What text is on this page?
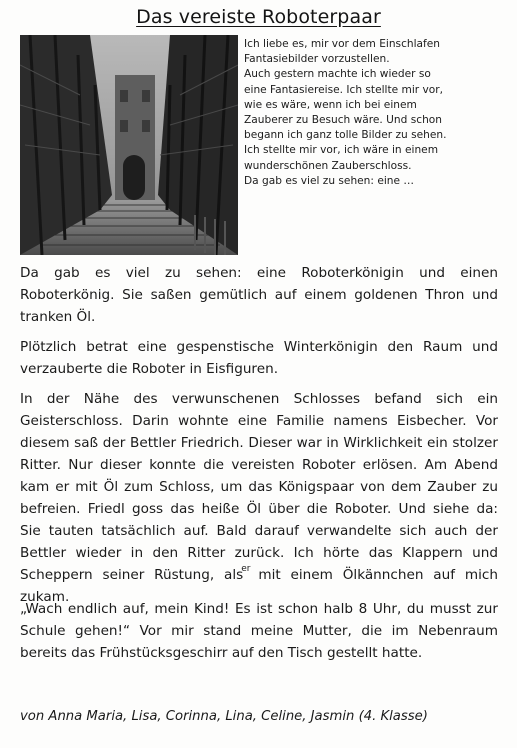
Das vereiste Roboterpaar
Ich liebe es, mir vor dem Einschlafen
Fantasiebilder vorzustellen.
Auch gestern machte ich wieder so
eine Fantasiereise. Ich stellte mir vor,
wie es wäre, wenn ich bei einem
Zauberer zu Besuch wäre. Und schon
begann ich ganz tolle Bilder zu sehen.
Ich stellte mir vor, ich wäre in einem
wunderschönen Zauberschloss.
Da gab es viel zu sehen: eine …
Da gab es viel zu sehen: eine Roboterkönigin und einen
Roboterkönig. Sie saßen gemütlich auf einem goldenen Thron und
tranken Öl.
Plötzlich betrat eine gespenstische Winterkönigin den Raum und
verzauberte die Roboter in Eisfiguren.
In der Nähe des verwunschenen Schlosses befand sich ein
Geisterschloss. Darin wohnte eine Familie namens Eisbecher. Vor
diesem saß der Bettler Friedrich. Dieser war in Wirklichkeit ein stolzer
Ritter. Nur dieser konnte die vereisten Roboter erlösen. Am Abend
kam er mit Öl zum Schloss, um das Königspaar von dem Zauber zu
befreien. Friedl goss das heiße Öl über die Roboter. Und siehe da:
Sie tauten tatsächlich auf. Bald darauf verwandelte sich auch der
Bettler wieder in den Ritter zurück. Ich hörte das Klappern und
Scheppern seiner Rüstung, als$^{er}$ mit einem Ölkännchen auf mich
zukam.
„Wach endlich auf, mein Kind! Es ist schon halb 8 Uhr, du musst zur
Schule gehen!“ Vor mir stand meine Mutter, die im Nebenraum
bereits das Frühstücksgeschirr auf den Tisch gestellt hatte.
von Anna Maria, Lisa, Corinna, Lina, Celine, Jasmin (4. Klasse)
